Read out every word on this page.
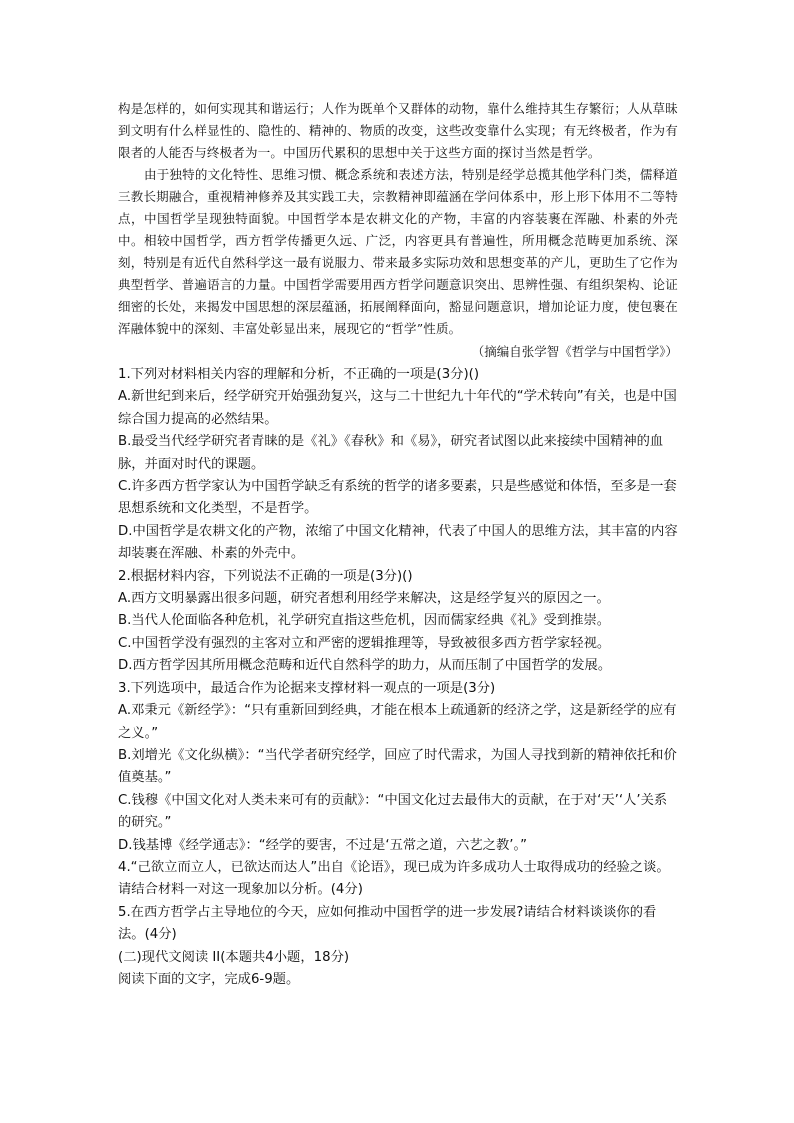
构是怎样的，如何实现其和谐运行；人作为既单个又群体的动物，靠什么维持其生存繁衍；人从草昧到文明有什么样显性的、隐性的、精神的、物质的改变，这些改变靠什么实现；有无终极者，作为有限者的人能否与终极者为一。中国历代累积的思想中关于这些方面的探讨当然是哲学。

由于独特的文化特性、思维习惯、概念系统和表述方法，特别是经学总揽其他学科门类，儒释道三教长期融合，重视精神修养及其实践工夫，宗教精神即蕴涵在学问体系中，形上形下体用不二等特点，中国哲学呈现独特面貌。中国哲学本是农耕文化的产物，丰富的内容装裹在浑融、朴素的外壳中。相较中国哲学，西方哲学传播更久远、广泛，内容更具有普遍性，所用概念范畴更加系统、深刻，特别是有近代自然科学这一最有说服力、带来最多实际功效和思想变革的产儿，更助生了它作为典型哲学、普遍语言的力量。中国哲学需要用西方哲学问题意识突出、思辨性强、有组织架构、论证细密的长处，来揭发中国思想的深层蕴涵，拓展阐释面向，豁显问题意识，增加论证力度，使包裹在浑融体貌中的深刻、丰富处彰显出来，展现它的“哲学”性质。

（摘编自张学智《哲学与中国哲学》）

1.下列对材料相关内容的理解和分析，不正确的一项是(3分)()

A.新世纪到来后，经学研究开始强劲复兴，这与二十世纪九十年代的“学术转向”有关，也是中国综合国力提高的必然结果。

B.最受当代经学研究者青睐的是《礼》《春秋》和《易》，研究者试图以此来接续中国精神的血脉，并面对时代的课题。

C.许多西方哲学家认为中国哲学缺乏有系统的哲学的诸多要素，只是些感觉和体悟，至多是一套思想系统和文化类型，不是哲学。

D.中国哲学是农耕文化的产物，浓缩了中国文化精神，代表了中国人的思维方法，其丰富的内容却装裹在浑融、朴素的外壳中。

2.根据材料内容，下列说法不正确的一项是(3分)()

A.西方文明暴露出很多问题，研究者想利用经学来解决，这是经学复兴的原因之一。

B.当代人伦面临各种危机，礼学研究直指这些危机，因而儒家经典《礼》受到推崇。

C.中国哲学没有强烈的主客对立和严密的逻辑推理等，导致被很多西方哲学家轻视。

D.西方哲学因其所用概念范畴和近代自然科学的助力，从而压制了中国哲学的发展。

3.下列选项中，最适合作为论据来支撑材料一观点的一项是(3分)

A.邓秉元《新经学》：“只有重新回到经典，才能在根本上疏通新的经济之学，这是新经学的应有之义。”

B.刘增光《文化纵横》：“当代学者研究经学，回应了时代需求，为国人寻找到新的精神依托和价值奠基。”

C.钱穆《中国文化对人类未来可有的贡献》：“中国文化过去最伟大的贡献，在于对‘天’‘人’关系的研究。”

D.钱基博《经学通志》：“经学的要害，不过是‘五常之道，六艺之教’。”

4.“己欲立而立人，已欲达而达人”出自《论语》，现已成为许多成功人士取得成功的经验之谈。请结合材料一对这一现象加以分析。(4分)

5.在西方哲学占主导地位的今天，应如何推动中国哲学的进一步发展?请结合材料谈谈你的看法。(4分)

(二)现代文阅读 II(本题共4小题，18分)

阅读下面的文字，完成6-9题。
